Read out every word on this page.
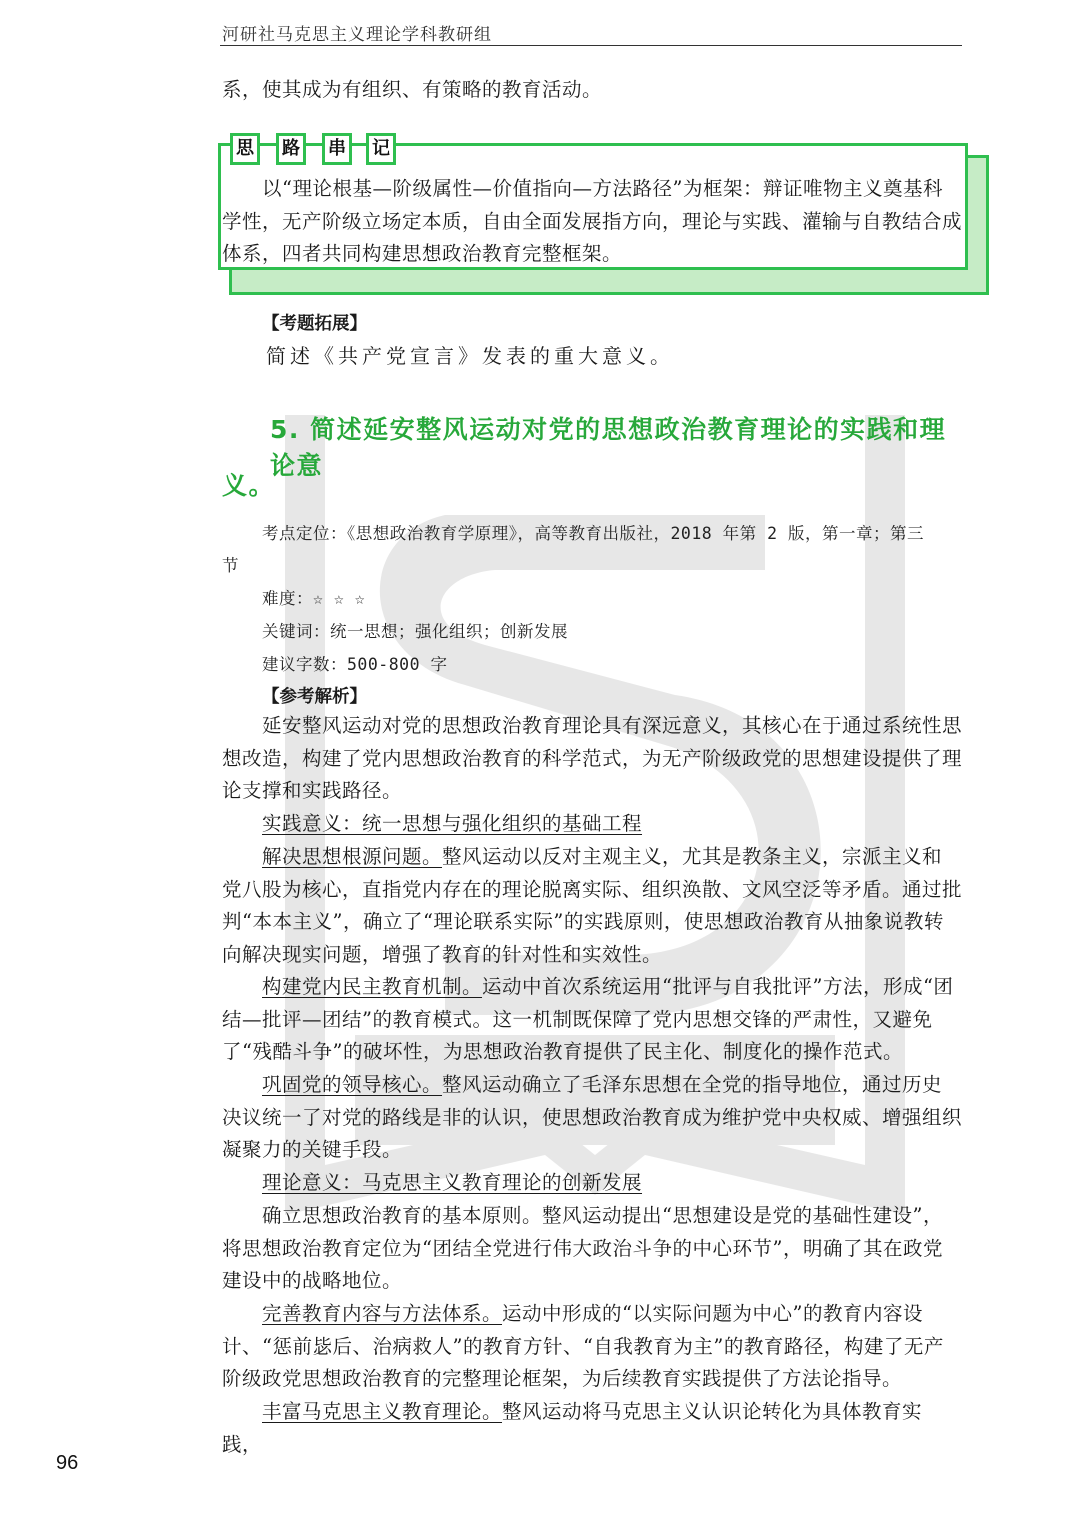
河研社马克思主义理论学科教研组
系，使其成为有组织、有策略的教育活动。
思	路	串	记
以“理论根基—阶级属性—价值指向—方法路径”为框架：辩证唯物主义奠基科学性，无产阶级立场定本质，自由全面发展指方向，理论与实践、灌输与自教结合成体系，四者共同构建思想政治教育完整框架。
【考题拓展】
简述《共产党宣言》发表的重大意义。
5. 简述延安整风运动对党的思想政治教育理论的实践和理论意
义。
考点定位：《思想政治教育学原理》，高等教育出版社，2018 年第 2 版，第一章；第三
节
难度：☆ ☆ ☆
关键词：统一思想；强化组织；创新发展
建议字数：500-800 字
【参考解析】
延安整风运动对党的思想政治教育理论具有深远意义，其核心在于通过系统性思想改造，构建了党内思想政治教育的科学范式，为无产阶级政党的思想建设提供了理论支撑和实践路径。
实践意义：统一思想与强化组织的基础工程
解决思想根源问题。整风运动以反对主观主义，尤其是教条主义，宗派主义和党八股为核心，直指党内存在的理论脱离实际、组织涣散、文风空泛等矛盾。通过批判“本本主义”，确立了“理论联系实际”的实践原则，使思想政治教育从抽象说教转向解决现实问题，增强了教育的针对性和实效性。
构建党内民主教育机制。运动中首次系统运用“批评与自我批评”方法，形成“团结—批评—团结”的教育模式。这一机制既保障了党内思想交锋的严肃性，又避免了“残酷斗争”的破坏性，为思想政治教育提供了民主化、制度化的操作范式。
巩固党的领导核心。整风运动确立了毛泽东思想在全党的指导地位，通过历史决议统一了对党的路线是非的认识，使思想政治教育成为维护党中央权威、增强组织凝聚力的关键手段。
理论意义：马克思主义教育理论的创新发展
确立思想政治教育的基本原则。整风运动提出“思想建设是党的基础性建设”，将思想政治教育定位为“团结全党进行伟大政治斗争的中心环节”，明确了其在政党建设中的战略地位。
完善教育内容与方法体系。运动中形成的“以实际问题为中心”的教育内容设计、“惩前毖后、治病救人”的教育方针、“自我教育为主”的教育路径，构建了无产阶级政党思想政治教育的完整理论框架，为后续教育实践提供了方法论指导。
丰富马克思主义教育理论。整风运动将马克思主义认识论转化为具体教育实践，
96
